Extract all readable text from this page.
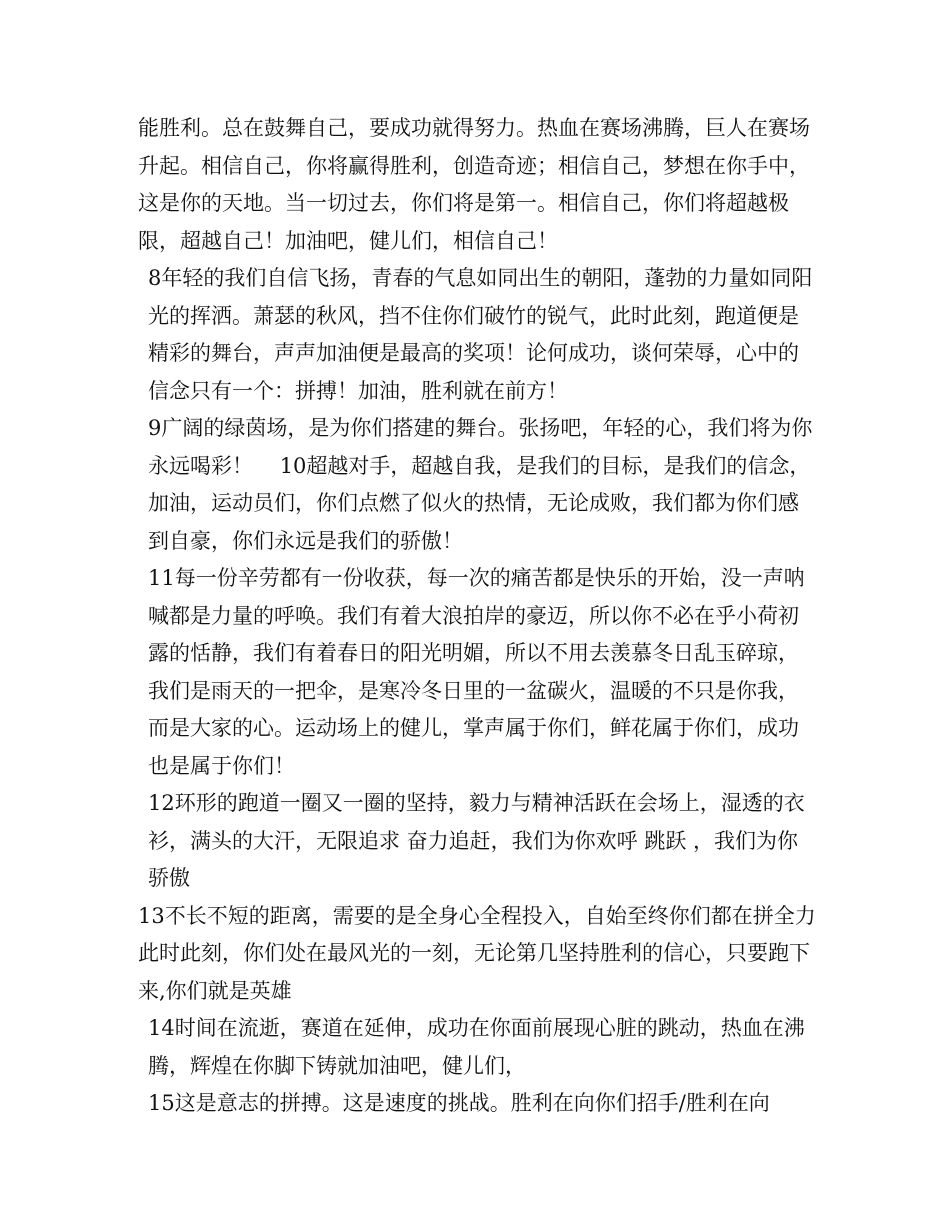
能胜利。总在鼓舞自己，要成功就得努力。热血在赛场沸腾，巨人在赛场升起。相信自己，你将赢得胜利，创造奇迹；相信自己，梦想在你手中，这是你的天地。当一切过去，你们将是第一。相信自己，你们将超越极限，超越自己！加油吧，健儿们，相信自己！

8年轻的我们自信飞扬，青春的气息如同出生的朝阳，蓬勃的力量如同阳光的挥洒。萧瑟的秋风，挡不住你们破竹的锐气，此时此刻，跑道便是精彩的舞台，声声加油便是最高的奖项！论何成功，谈何荣辱，心中的信念只有一个：拼搏！加油，胜利就在前方！

9广阔的绿茵场，是为你们搭建的舞台。张扬吧，年轻的心，我们将为你永远喝彩！    10超越对手，超越自我，是我们的目标，是我们的信念，加油，运动员们，你们点燃了似火的热情，无论成败，我们都为你们感到自豪，你们永远是我们的骄傲！

11每一份辛劳都有一份收获，每一次的痛苦都是快乐的开始，没一声呐喊都是力量的呼唤。我们有着大浪拍岸的豪迈，所以你不必在乎小荷初露的恬静，我们有着春日的阳光明媚，所以不用去羡慕冬日乱玉碎琼，我们是雨天的一把伞，是寒冷冬日里的一盆碳火，温暖的不只是你我，而是大家的心。运动场上的健儿，掌声属于你们，鲜花属于你们，成功也是属于你们！

12环形的跑道一圈又一圈的坚持，毅力与精神活跃在会场上，湿透的衣衫，满头的大汗，无限追求 奋力追赶，我们为你欢呼 跳跃 ，我们为你骄傲

13不长不短的距离，需要的是全身心全程投入，自始至终你们都在拼全力此时此刻，你们处在最风光的一刻，无论第几坚持胜利的信心，只要跑下来,你们就是英雄

14时间在流逝，赛道在延伸，成功在你面前展现心脏的跳动，热血在沸腾，辉煌在你脚下铸就加油吧，健儿们，

15这是意志的拼搏。这是速度的挑战。胜利在向你们招手/胜利在向
